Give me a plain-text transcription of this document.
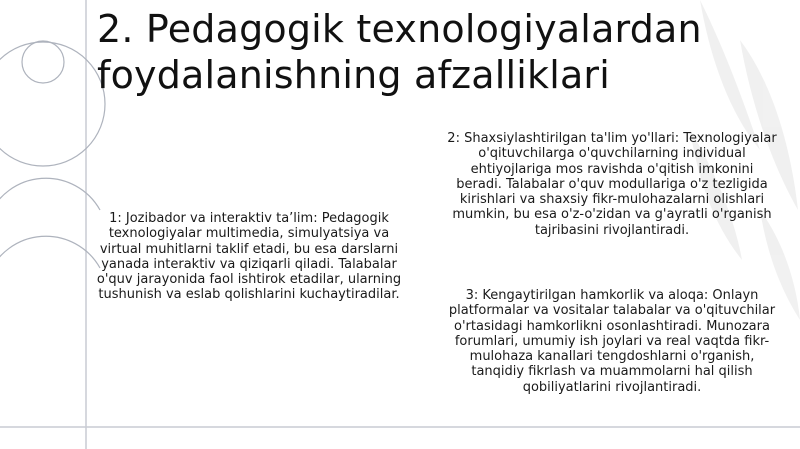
2. Pedagogik texnologiyalardan foydalanishning afzalliklari

1: Jozibador va interaktiv ta’lim: Pedagogik texnologiyalar multimedia, simulyatsiya va virtual muhitlarni taklif etadi, bu esa darslarni yanada interaktiv va qiziqarli qiladi. Talabalar o'quv jarayonida faol ishtirok etadilar, ularning tushunish va eslab qolishlarini kuchaytiradilar.

2: Shaxsiylashtirilgan ta'lim yo'llari: Texnologiyalar o'qituvchilarga o'quvchilarning individual ehtiyojlariga mos ravishda o'qitish imkonini beradi. Talabalar o'quv modullariga o'z tezligida kirishlari va shaxsiy fikr-mulohazalarni olishlari mumkin, bu esa o'z-o'zidan va g'ayratli o'rganish tajribasini rivojlantiradi.

3: Kengaytirilgan hamkorlik va aloqa: Onlayn platformalar va vositalar talabalar va o'qituvchilar o'rtasidagi hamkorlikni osonlashtiradi. Munozara forumlari, umumiy ish joylari va real vaqtda fikr-mulohaza kanallari tengdoshlarni o'rganish, tanqidiy fikrlash va muammolarni hal qilish qobiliyatlarini rivojlantiradi.
